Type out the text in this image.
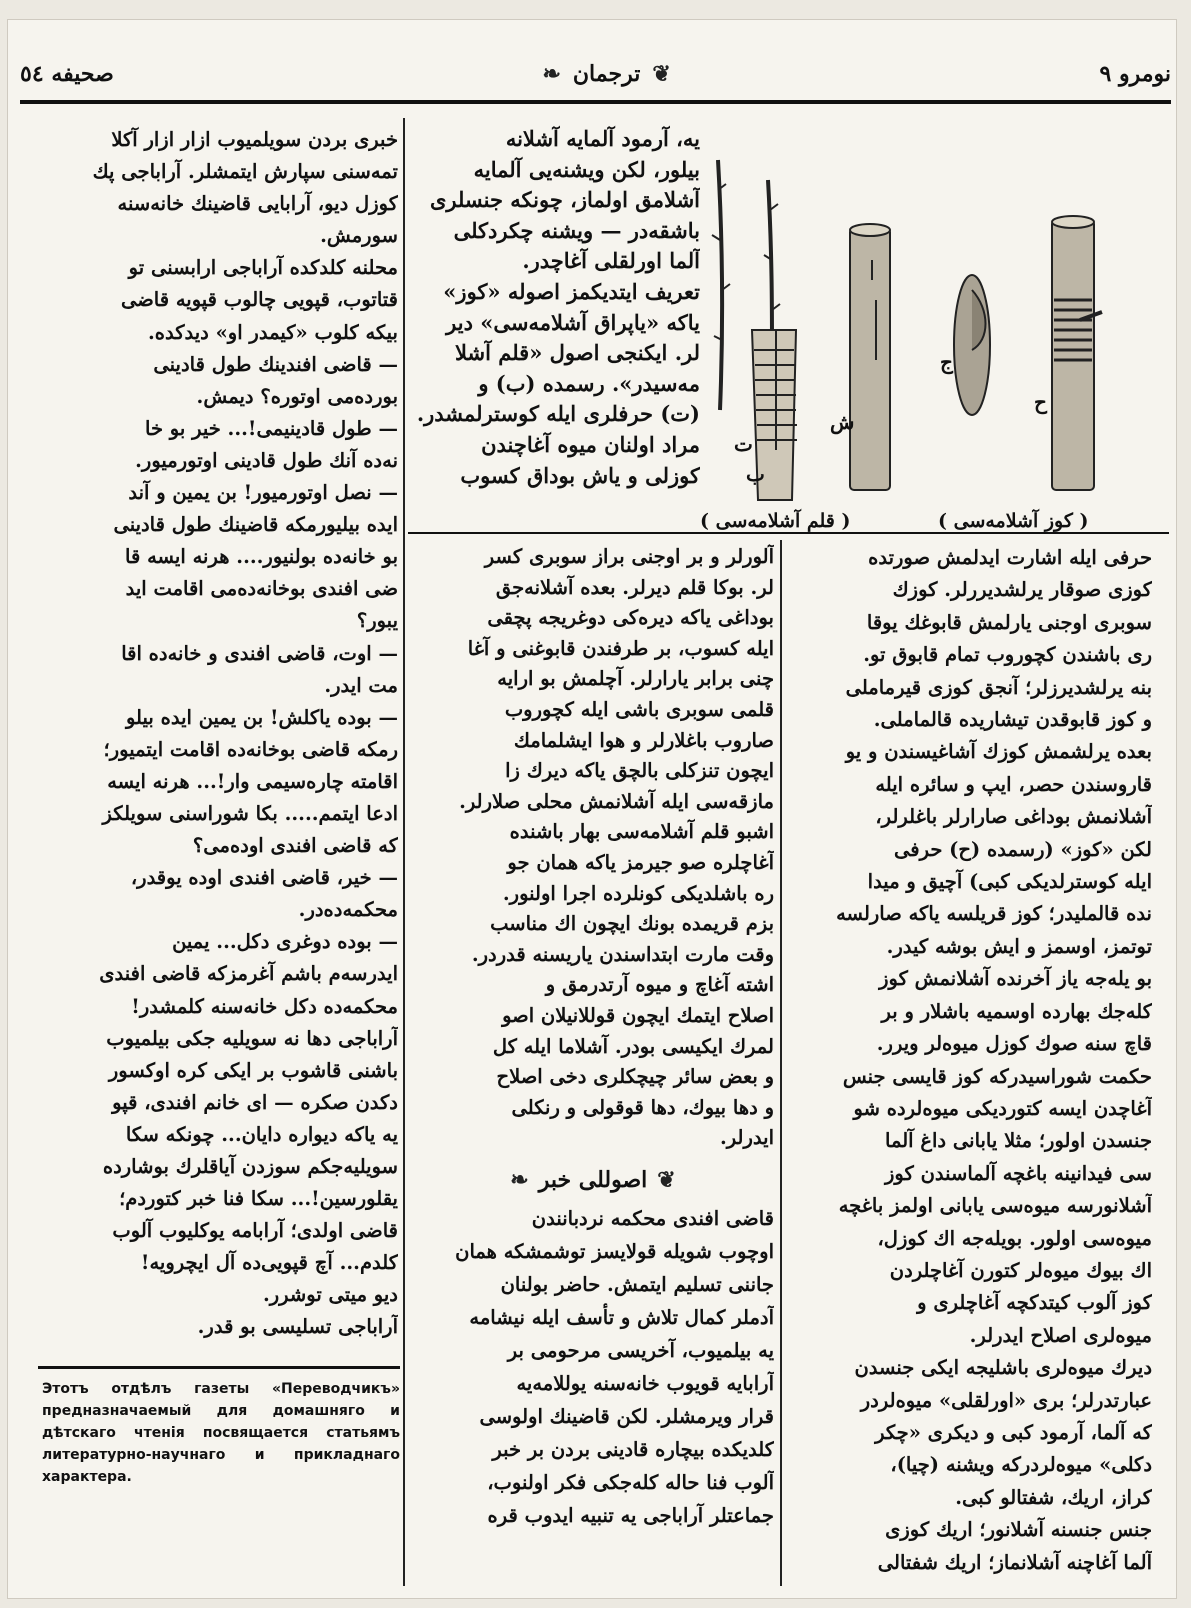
نومرو ٩
❦
ترجمان
❧
صحیفه ٥٤
ب
ت
ش
ج
ح
( قلم آشلامەسی )	( کوز آشلامەسی )

یه، آرمود آلمایه آشلانه

بیلور، لکن ویشنەیی آلمایه

آشلامق اولماز، چونکه جنسلری

باشقەدر — ویشنه چکردکلی

آلما اورلقلی آغاچدر.

تعریف ایتدیکمز اصوله «کوز»

یاکه «یاپراق آشلامەسی» دیر

لر. ایکنجی اصول «قلم آشلا

مەسیدر». رسمده (ب) و

(ت) حرفلری ایله کوسترلمشدر.

مراد اولنان میوه آغاچندن

کوزلی و یاش بوداق کسوب

حرفی ایله اشارت ایدلمش صورتده

کوزی صوقار یرلشدیررلر. کوزك

سوبری اوجنی یارلمش قابوغك یوقا

ری باشندن کچوروب تمام قابوق تو.

بنه یرلشدیرزلر؛ آنجق کوزی قیرماملی

و کوز قابوقدن تیشاریده قالماملی.

بعده یرلشمش کوزك آشاغیسندن و یو

قاروسندن حصر، ایپ و سائره ایله

آشلانمش بوداغی صارارلر باغلرلر،

لکن «کوز» (رسمده (ح) حرفی

ایله کوسترلدیکی کبی) آچیق و میدا

نده قالملیدر؛ کوز قریلسه یاکه صارلسه

توتمز، اوسمز و ایش بوشه کیدر.

بو یلەجه یاز آخرنده آشلانمش کوز

کلەجك بهارده اوسمیه باشلار و بر

قاچ سنه صوك کوزل میوەلر ویرر.

حکمت شوراسیدرکه کوز قایسی جنس

آغاچدن ایسه کتوردیکی میوەلرده شو

جنسدن اولور؛ مثلا یابانی داغ آلما

سی فیدانینه باغچه آلماسندن کوز

آشلانورسه میوەسی یابانی اولمز باغچه

میوەسی اولور. بویلەجه اك کوزل،

اك بیوك میوەلر کتورن آغاچلردن

کوز آلوب کیتدکچه آغاچلری و

میوەلری اصلاح ایدرلر.

دیرك میوەلری باشلیجه ایکی جنسدن

عبارتدرلر؛ بری «اورلقلی» میوەلردر

که آلما، آرمود کبی و دیکری «چکر

دکلی» میوەلردرکه ویشنه (چیا)،

کراز، اریك، شفتالو کبی.

جنس جنسنه آشلانور؛ اریك کوزی

آلما آغاچنه آشلانماز؛ اریك شفتالی

آلورلر و بر اوجنی براز سوبری کسر

لر. بوکا قلم دیرلر. بعده آشلانەجق

بوداغی یاکه دیرەکی دوغریجه پچقی

ایله کسوب، بر طرفندن قابوغنی و آغا

چنی برابر یارارلر. آچلمش بو ارایه

قلمی سوبری باشی ایله کچوروب

صاروب باغلارلر و هوا ایشلمامك

ایچون تنزکلی بالچق یاکه دیرك زا

مازقەسی ایله آشلانمش محلی صلارلر.

اشبو قلم آشلامەسی بهار باشنده

آغاچلره صو جیرمز یاکه همان جو

ره باشلدیکی کونلرده اجرا اولنور.

بزم قریمده بونك ایچون اك مناسب

وقت مارت ابتداسندن یاریسنه قدردر.

اشته آغاچ و میوه آرتدرمق و

اصلاح ایتمك ایچون قوللانیلان اصو

لمرك ایکیسی بودر. آشلاما ایله کل

و بعض سائر چیچکلری دخی اصلاح

و دها بیوك، دها قوقولی و رنکلی

ایدرلر.

❦
اصوللی خبر
❧

قاضی افندی محکمه نردبانندن

اوچوب شویله قولایسز توشمشکه همان

جاننی تسلیم ایتمش. حاضر بولنان

آدملر کمال تلاش و تأسف ایله نیشامه

یه بیلمیوب، آخریسی مرحومی بر

آرابایه قویوب خانەسنه یوللامەیه

قرار ویرمشلر. لکن قاضینك اولوسی

کلدیکده بیچاره قادینی بردن بر خبر

آلوب فنا حاله کلەجکی فکر اولنوب،

جماعتلر آراباجی یه تنبیه ایدوب قره

خبری بردن سویلمیوب ازار ازار آکلا

تمەسنی سپارش ایتمشلر. آراباجی پك

کوزل دیو، آرابایی قاضینك خانەسنه

سورمش.

محلنه کلدکده آراباجی ارابسنی تو

قتاتوب، قپویی چالوب قپویه قاضی

بیکه کلوب «کیمدر او» دیدکده.

— قاضی افندینك طول قادینی

بوردەمی اوتورە؟ دیمش.

— طول قادینیمی!... خیر بو خا

نەده آنك طول قادینی اوتورمیور.

— نصل اوتورمیور! بن یمین و آند

ایده بیلیورمکه قاضینك طول قادینی

بو خانەده بولنیور.... هرنه ایسه قا

ضی افندی بوخانەدەمی اقامت اید

یبور؟

— اوت، قاضی افندی و خانەده اقا

مت ایدر.

— بوده یاکلش! بن یمین ایده بیلو

رمکه قاضی بوخانەده اقامت ایتمیور؛

اقامته چارەسیمی وار!... هرنه ایسه

ادعا ایتمم..... بکا شوراسنی سویلکز

که قاضی افندی اودەمی؟

— خیر، قاضی افندی اوده یوقدر،

محکمەدەدر.

— بوده دوغری دکل... یمین

ایدرسەم باشم آغرمزکه قاضی افندی

محکمەده دکل خانەسنه کلمشدر!

آراباجی دها نه سویلیه جکی بیلمیوب

باشنی قاشوب بر ایکی کره اوکسور

دکدن صکره — ای خانم افندی، قپو

یه یاکه دیواره دایان... چونکه سکا

سویلیەجکم سوزدن آیاقلرك بوشارده

یقلورسین!... سکا فنا خبر کتوردم؛

قاضی اولدی؛ آرابامه یوکلیوب آلوب

کلدم... آچ قپویی‌ده آل ایچرویه!

دیو میتی توشرر.

آراباجی تسلیسی بو قدر.

Этотъ отдѣлъ газеты «Переводчикъ» предназначаемый для домашняго и дѣтскаго чтенія посвящается статьямъ литературно-научнаго и прикладнаго характера.
